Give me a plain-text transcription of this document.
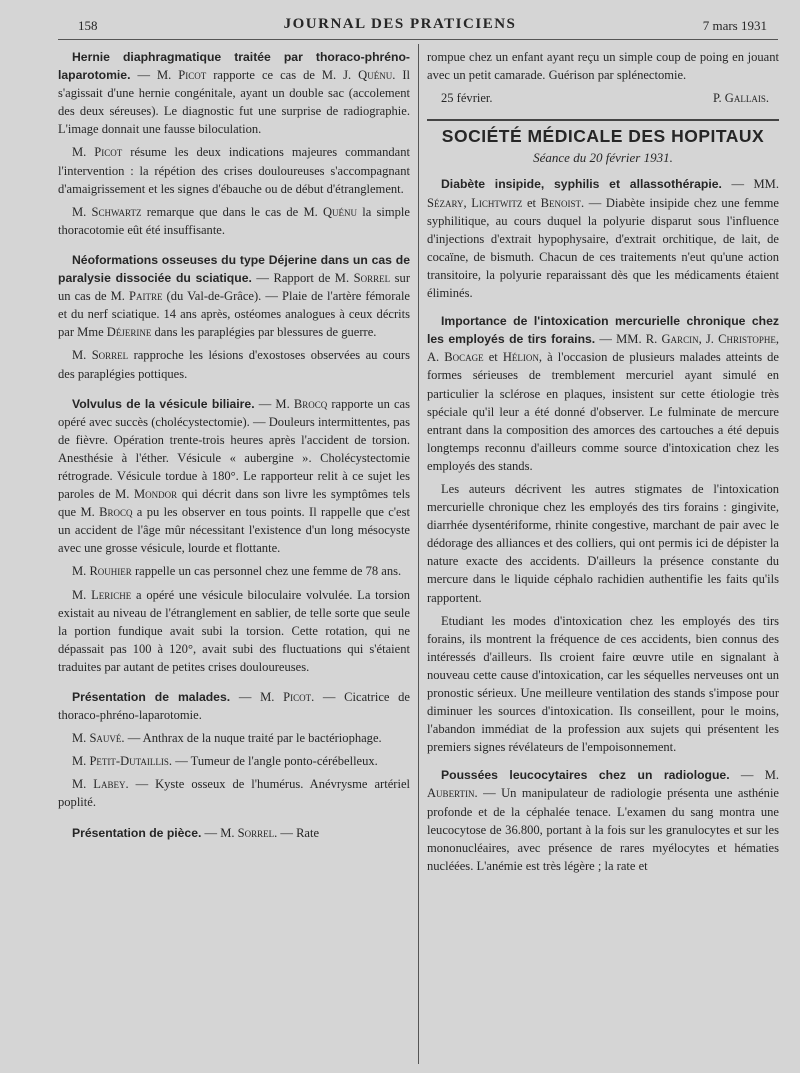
158	JOURNAL DES PRATICIENS	7 mars 1931

Hernie diaphragmatique traitée par thoraco-phréno-laparotomie. — M. Picot rapporte ce cas de M. J. Quénu. Il s'agissait d'une hernie congénitale, ayant un double sac (accolement des deux séreuses). Le diagnostic fut une surprise de radiographie. L'image donnait une fausse biloculation.

M. Picot résume les deux indications majeures commandant l'intervention : la répétion des crises douloureuses s'accompagnant d'amaigrissement et les signes d'ébauche ou de début d'étranglement.

M. Schwartz remarque que dans le cas de M. Quénu la simple thoracotomie eût été insuffisante.

Néoformations osseuses du type Déjerine dans un cas de paralysie dissociée du sciatique. — Rapport de M. Sorrel sur un cas de M. Paitre (du Val-de-Grâce). — Plaie de l'artère fémorale et du nerf sciatique. 14 ans après, ostéomes analogues à ceux décrits par Mme Déjerine dans les paraplégies par blessures de guerre.

M. Sorrel rapproche les lésions d'exostoses observées au cours des paraplégies pottiques.

Volvulus de la vésicule biliaire. — M. Brocq rapporte un cas opéré avec succès (cholécystectomie). — Douleurs intermittentes, pas de fièvre. Opération trente-trois heures après l'accident de torsion. Anesthésie à l'éther. Vésicule « aubergine ». Cholécystectomie rétrograde. Vésicule tordue à 180°. Le rapporteur relit à ce sujet les paroles de M. Mondor qui décrit dans son livre les symptômes tels que M. Brocq a pu les observer en tous points. Il rappelle que c'est un accident de l'âge mûr nécessitant l'existence d'un long mésocyste avec une grosse vésicule, lourde et flottante.

M. Rouhier rappelle un cas personnel chez une femme de 78 ans.

M. Leriche a opéré une vésicule biloculaire volvulée. La torsion existait au niveau de l'étranglement en sablier, de telle sorte que seule la portion fundique avait subi la torsion. Cette rotation, qui ne dépassait pas 100 à 120°, avait subi des fluctuations qui s'étaient traduites par autant de petites crises douloureuses.

Présentation de malades. — M. Picot. — Cicatrice de thoraco-phréno-laparotomie.

M. Sauvé. — Anthrax de la nuque traité par le bactériophage.

M. Petit-Dutaillis. — Tumeur de l'angle ponto-cérébelleux.

M. Labey. — Kyste osseux de l'humérus. Anévrysme artériel poplité.

Présentation de pièce. — M. Sorrel. — Rate

rompue chez un enfant ayant reçu un simple coup de poing en jouant avec un petit camarade. Guérison par splénectomie.

25 février.	P. Gallais.
SOCIÉTÉ MÉDICALE DES HOPITAUX
Séance du 20 février 1931.

Diabète insipide, syphilis et allassothérapie. — MM. Sézary, Lichtwitz et Benoist. — Diabète insipide chez une femme syphilitique, au cours duquel la polyurie disparut sous l'influence d'injections d'extrait hypophysaire, d'extrait orchitique, de lait, de cocaïne, de bismuth. Chacun de ces traitements n'eut qu'une action transitoire, la polyurie reparaissant dès que les médicaments étaient éliminés.

Importance de l'intoxication mercurielle chronique chez les employés de tirs forains. — MM. R. Garcin, J. Christophe, A. Bocage et Hélion, à l'occasion de plusieurs malades atteints de formes sérieuses de tremblement mercuriel ayant simulé en particulier la sclérose en plaques, insistent sur cette étiologie très spéciale qu'il leur a été donné d'observer. Le fulminate de mercure entrant dans la composition des amorces des cartouches a été depuis longtemps reconnu d'ailleurs comme source d'intoxication chez les employés des stands.

Les auteurs décrivent les autres stigmates de l'intoxication mercurielle chronique chez les employés des tirs forains : gingivite, diarrhée dysentériforme, rhinite congestive, marchant de pair avec le dédorage des alliances et des colliers, qui ont permis ici de dépister la nature exacte des accidents. D'ailleurs la présence constante du mercure dans le liquide céphalo rachidien authentifie les faits qu'ils rapportent.

Etudiant les modes d'intoxication chez les employés des tirs forains, ils montrent la fréquence de ces accidents, bien connus des intéressés d'ailleurs. Ils croient faire œuvre utile en signalant à nouveau cette cause d'intoxication, car les séquelles nerveuses ont un pronostic sérieux. Une meilleure ventilation des stands s'impose pour diminuer les sources d'intoxication. Ils conseillent, pour le moins, l'abandon immédiat de la profession aux sujets qui présentent les premiers signes révélateurs de l'empoisonnement.

Poussées leucocytaires chez un radiologue. — M. Aubertin. — Un manipulateur de radiologie présenta une asthénie profonde et de la céphalée tenace. L'examen du sang montra une leucocytose de 36.800, portant à la fois sur les granulocytes et sur les mononucléaires, avec présence de rares myélocytes et hématies nucléées. L'anémie est très légère ; la rate et
